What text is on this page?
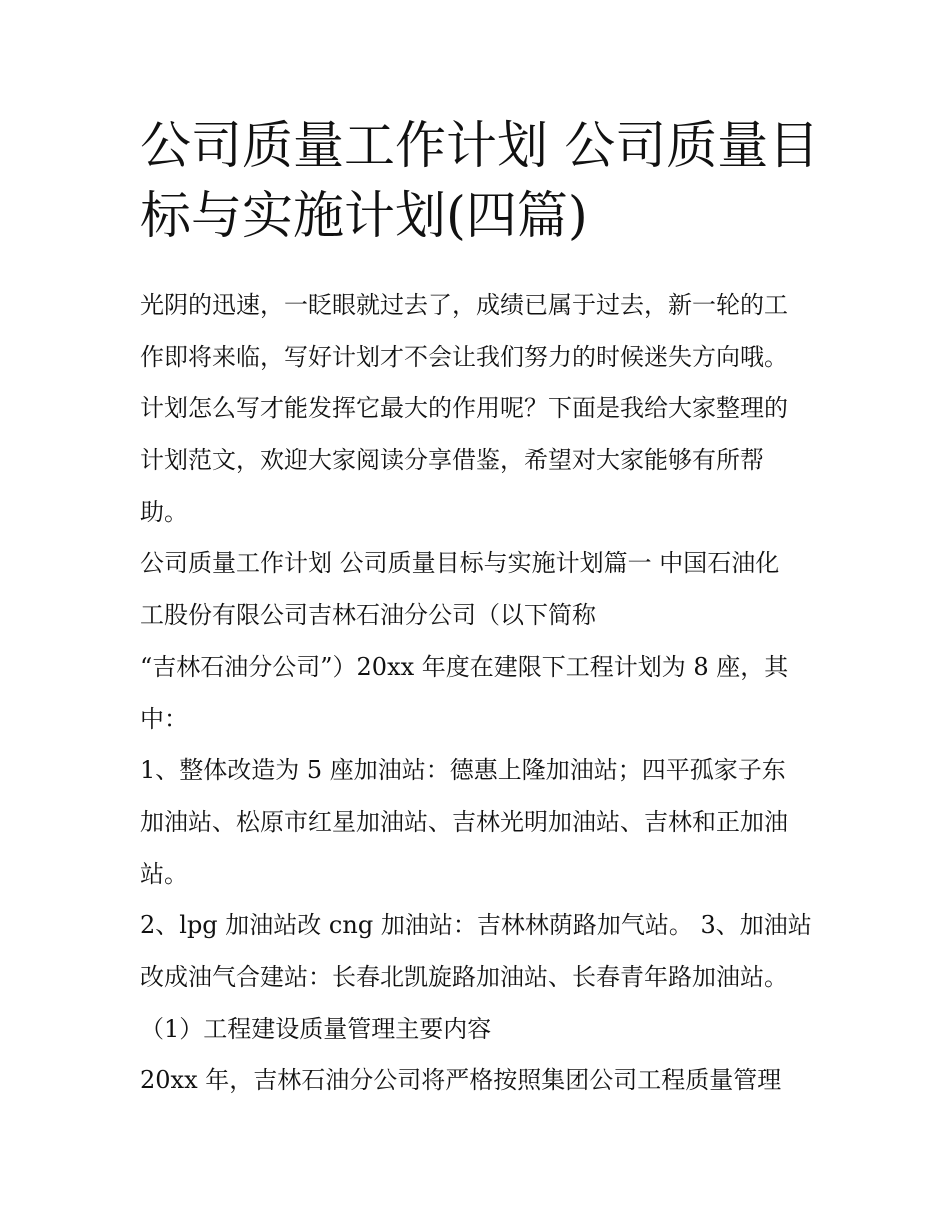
公司质量工作计划 公司质量目
标与实施计划(四篇)
光阴的迅速，一眨眼就过去了，成绩已属于过去，新一轮的工
作即将来临，写好计划才不会让我们努力的时候迷失方向哦。
计划怎么写才能发挥它最大的作用呢？下面是我给大家整理的
计划范文，欢迎大家阅读分享借鉴，希望对大家能够有所帮
助。
公司质量工作计划 公司质量目标与实施计划篇一 中国石油化
工股份有限公司吉林石油分公司（以下简称
“吉林石油分公司”）20xx 年度在建限下工程计划为 8 座，其
中：
1、整体改造为 5 座加油站：德惠上隆加油站；四平孤家子东
加油站、松原市红星加油站、吉林光明加油站、吉林和正加油
站。
2、lpg 加油站改 cng 加油站：吉林林荫路加气站。 3、加油站
改成油气合建站：长春北凯旋路加油站、长春青年路加油站。
（1）工程建设质量管理主要内容
20xx 年，吉林石油分公司将严格按照集团公司工程质量管理
